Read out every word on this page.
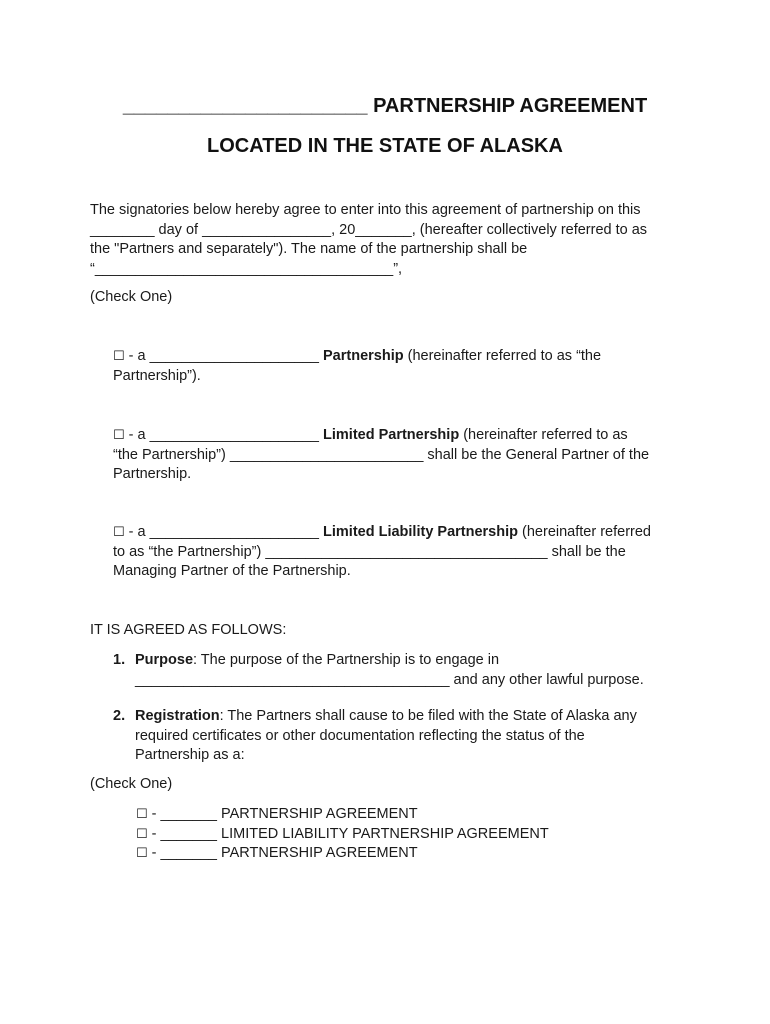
______________________ PARTNERSHIP AGREEMENT
LOCATED IN THE STATE OF ALASKA
The signatories below hereby agree to enter into this agreement of partnership on this
________ day of ________________, 20_______, (hereafter collectively referred to as
the "Partners and separately"). The name of the partnership shall be
“_____________________________________”,
(Check One)
☐ - a _____________________ Partnership (hereinafter referred to as “the
Partnership”).
☐ - a _____________________ Limited Partnership (hereinafter referred to as
“the Partnership”) ________________________ shall be the General Partner of the
Partnership.
☐ - a _____________________ Limited Liability Partnership (hereinafter referred
to as “the Partnership”) ___________________________________ shall be the
Managing Partner of the Partnership.
IT IS AGREED AS FOLLOWS:
1. Purpose: The purpose of the Partnership is to engage in
_______________________________________ and any other lawful purpose.
2. Registration: The Partners shall cause to be filed with the State of Alaska any
required certificates or other documentation reflecting the status of the
Partnership as a:
(Check One)
☐ - _______ PARTNERSHIP AGREEMENT
☐ - _______ LIMITED LIABILITY PARTNERSHIP AGREEMENT
☐ - _______ PARTNERSHIP AGREEMENT
